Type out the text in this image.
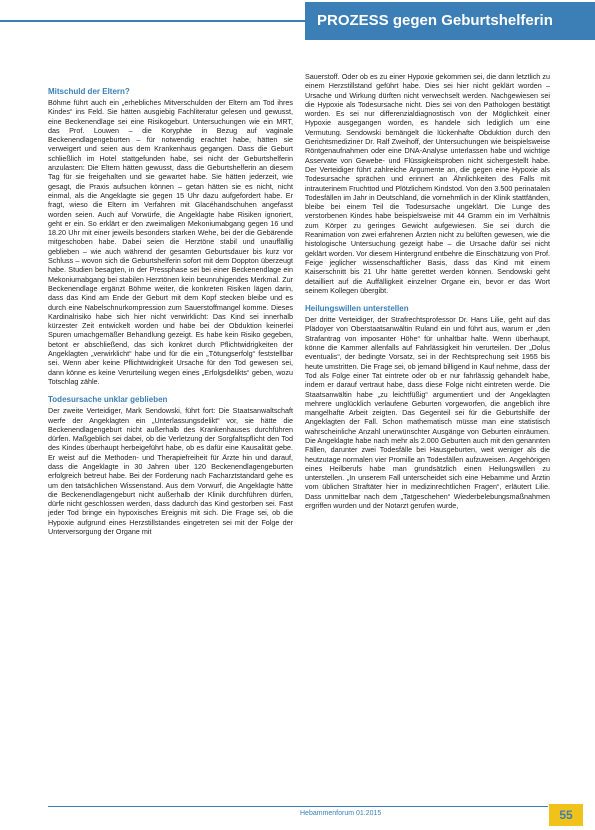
PROZESS gegen Geburtshelferin
Mitschuld der Eltern?

Böhme führt auch ein „erhebliches Mitverschulden der Eltern am Tod ihres Kindes“ ins Feld. Sie hätten ausgiebig Fachliteratur gelesen und gewusst, eine Beckenendlage sei eine Risikogeburt. Untersuchungen wie ein MRT, das Prof. Louwen – die Koryphäe in Bezug auf vaginale Beckenendlagengeburten – für notwendig erachtet habe, hätten sie verweigert und seien aus dem Krankenhaus gegangen. Dass die Geburt schließlich im Hotel stattgefunden habe, sei nicht der Geburtshelferin anzulasten: Die Eltern hätten gewusst, dass die Geburtshelferin an diesem Tag für sie freigehalten und sie gewartet habe. Sie hätten jederzeit, wie gesagt, die Praxis aufsuchen können – getan hätten sie es nicht, nicht einmal, als die Angeklagte sie gegen 15 Uhr dazu aufgefordert habe. Er fragt, wieso die Eltern im Verfahren mit Glacéhandschuhen angefasst worden seien. Auch auf Vorwürfe, die Angeklagte habe Risiken ignoriert, geht er ein. So erklärt er den zweimaligen Mekoniumabgang gegen 16 und 18.20 Uhr mit einer jeweils besonders starken Wehe, bei der die Gebärende mitgeschoben habe. Dabei seien die Herztöne stabil und unauffällig geblieben – wie auch während der gesamten Geburtsdauer bis kurz vor Schluss – wovon sich die Geburtshelferin sofort mit dem Doppton überzeugt habe. Studien besagten, in der Pressphase sei bei einer Beckenendlage ein Mekoniumabgang bei stabilen Herztönen kein beunruhigendes Merkmal. Zur Beckenendlage ergänzt Böhme weiter, die konkreten Risiken lägen darin, dass das Kind am Ende der Geburt mit dem Kopf stecken bleibe und es durch eine Nabelschnurkompression zum Sauerstoffmangel komme. Dieses Kardinalrisiko habe sich hier nicht verwirklicht: Das Kind sei innerhalb kürzester Zeit entwickelt worden und habe bei der Obduktion keinerlei Spuren umachgemäßer Behandlung gezeigt. Es habe kein Risiko gegeben, betont er abschließend, das sich konkret durch Pflichtwidrigkeiten der Angeklagten „verwirklicht“ habe und für die ein „Tötungserfolg“ feststellbar sei. Wenn aber keine Pflichtwidrigkeit Ursache für den Tod gewesen sei, dann könne es keine Verurteilung wegen eines „Erfolgsdelikts“ geben, wozu Totschlag zähle.

Todesursache unklar geblieben

Der zweite Verteidiger, Mark Sendowski, führt fort: Die Staatsanwaltschaft werfe der Angeklagten ein „Unterlassungsdelikt“ vor, sie hätte die Beckenendlagengeburt nicht außerhalb des Krankenhauses durchführen dürfen. Maßgeblich sei dabei, ob die Verletzung der Sorgfaltspflicht den Tod des Kindes überhaupt herbeigeführt habe, ob es dafür eine Kausalität gebe. Er weist auf die Methoden- und Therapiefreiheit für Ärzte hin und darauf, dass die Angeklagte in 30 Jahren über 120 Beckenendlagengeburten erfolgreich betreut habe. Bei der Forderung nach Facharztstandard gehe es um den tatsächlichen Wissenstand. Aus dem Vorwurf, die Angeklagte hätte die Beckenendlagengeburt nicht außerhalb der Klinik durchführen dürfen, dürfe nicht geschlossen werden, dass dadurch das Kind gestorben sei. Fast jeder Tod bringe ein hypoxisches Ereignis mit sich. Die Frage sei, ob die Hypoxie aufgrund eines Herzstillstandes eingetreten sei mit der Folge der Unterversorgung der Organe mit

Sauerstoff. Oder ob es zu einer Hypoxie gekommen sei, die dann letztlich zu einem Herzstillstand geführt habe. Dies sei hier nicht geklärt worden – Ursache und Wirkung dürften nicht verwechselt werden. Nachgewiesen sei die Hypoxie als Todesursache nicht. Dies sei von den Pathologen bestätigt worden. Es sei nur differenzialdiagnostisch von der Möglichkeit einer Hypoxie ausgegangen worden, es handele sich lediglich um eine Vermutung. Sendowski bemängelt die lückenhafte Obduktion durch den Gerichtsmediziner Dr. Ralf Zweihoff, der Untersuchungen wie beispielsweise Röntgenaufnahmen oder eine DNA-Analyse unterlassen habe und wichtige Asservate von Gewebe- und Flüssigkeitsproben nicht sichergestellt habe. Der Verteidiger führt zahlreiche Argumente an, die gegen eine Hypoxie als Todesursache sprächen und erinnert an Ähnlichkeiten des Falls mit intrauterinem Fruchttod und Plötzlichem Kindstod. Von den 3.500 perinatalen Todesfällen im Jahr in Deutschland, die vornehmlich in der Klinik stattfänden, bleibe bei einem Teil die Todesursache ungeklärt. Die Lunge des verstorbenen Kindes habe beispielsweise mit 44 Gramm ein im Verhältnis zum Körper zu geringes Gewicht aufgewiesen. Sie sei durch die Reanimation von zwei erfahrenen Ärzten nicht zu belüften gewesen, wie die histologische Untersuchung gezeigt habe – die Ursache dafür sei nicht geklärt worden. Vor diesem Hintergrund entbehre die Einschätzung von Prof. Feige jeglicher wissenschaftlicher Basis, dass das Kind mit einem Kaiserschnitt bis 21 Uhr hätte gerettet werden können. Sendowski geht detailliert auf die Auffälligkeit einzelner Organe ein, bevor er das Wort seinem Kollegen übergibt.

Heilungswillen unterstellen

Der dritte Verteidiger, der Strafrechtsprofessor Dr. Hans Lilie, geht auf das Plädoyer von Oberstaatsanwältin Ruland ein und führt aus, warum er „den Strafantrag von imposanter Höhe“ für unhaltbar halte. Wenn überhaupt, könne die Kammer allenfalls auf Fahrlässigkeit hin verurteilen. Der „Dolus eventualis“, der bedingte Vorsatz, sei in der Rechtsprechung seit 1955 bis heute umstritten. Die Frage sei, ob jemand billigend in Kauf nehme, dass der Tod als Folge einer Tat eintrete oder ob er nur fahrlässig gehandelt habe, indem er darauf vertraut habe, dass diese Folge nicht eintreten werde. Die Staatsanwältin habe „zu leichtfüßig“ argumentiert und der Angeklagten mehrere unglücklich verlaufene Geburten vorgeworfen, die angeblich ihre mangelhafte Arbeit zeigten. Das Gegenteil sei für die Geburtshilfe der Angeklagten der Fall. Schon mathematisch müsse man eine statistisch wahrscheinliche Anzahl unerwünschter Ausgänge von Geburten einräumen. Die Angeklagte habe nach mehr als 2.000 Geburten auch mit den genannten Fällen, darunter zwei Todesfälle bei Hausgeburten, weit weniger als die heutzutage normalen vier Promille an Todesfällen aufzuweisen. Angehörigen eines Heilberufs habe man grundsätzlich einen Heilungswillen zu unterstellen. „In unserem Fall unterscheidet sich eine Hebamme und Ärztin vom üblichen Straftäter hier in medizinrechtlichen Fragen“, erläutert Lilie. Dass unmittelbar nach dem „Tatgeschehen“ Wiederbelebungsmaßnahmen ergriffen wurden und der Notarzt gerufen wurde,

Hebammenforum 01.2015	55
